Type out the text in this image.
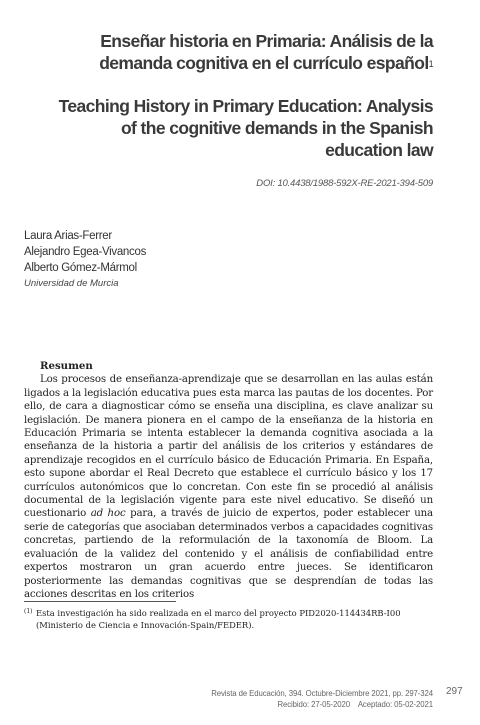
Enseñar historia en Primaria: Análisis de la demanda cognitiva en el currículo español$^1$
Teaching History in Primary Education: Analysis of the cognitive demands in the Spanish education law
DOI: 10.4438/1988-592X-RE-2021-394-509
Laura Arias-Ferrer
Alejandro Egea-Vivancos
Alberto Gómez-Mármol
Universidad de Murcia
Resumen

Los procesos de enseñanza-aprendizaje que se desarrollan en las aulas están ligados a la legislación educativa pues esta marca las pautas de los docentes. Por ello, de cara a diagnosticar cómo se enseña una disciplina, es clave analizar su legislación. De manera pionera en el campo de la enseñanza de la historia en Educación Primaria se intenta establecer la demanda cognitiva asociada a la enseñanza de la historia a partir del análisis de los criterios y estándares de aprendizaje recogidos en el currículo básico de Educación Primaria. En España, esto supone abordar el Real Decreto que establece el currículo básico y los 17 currículos autonómicos que lo concretan. Con este fin se procedió al análisis documental de la legislación vigente para este nivel educativo. Se diseñó un cuestionario ad hoc para, a través de juicio de expertos, poder establecer una serie de categorías que asociaban determinados verbos a capacidades cognitivas concretas, partiendo de la reformulación de la taxonomía de Bloom. La evaluación de la validez del contenido y el análisis de confiabilidad entre expertos mostraron un gran acuerdo entre jueces. Se identificaron posteriormente las demandas cognitivas que se desprendían de todas las acciones descritas en los criterios

(1) Esta investigación ha sido realizada en el marco del proyecto PID2020-114434RB-I00 (Ministerio de Ciencia e Innovación-Spain/FEDER).
Revista de Educación, 394. Octubre-Diciembre 2021, pp. 297-324
Recibido: 27-05-2020    Aceptado: 05-02-2021
297
